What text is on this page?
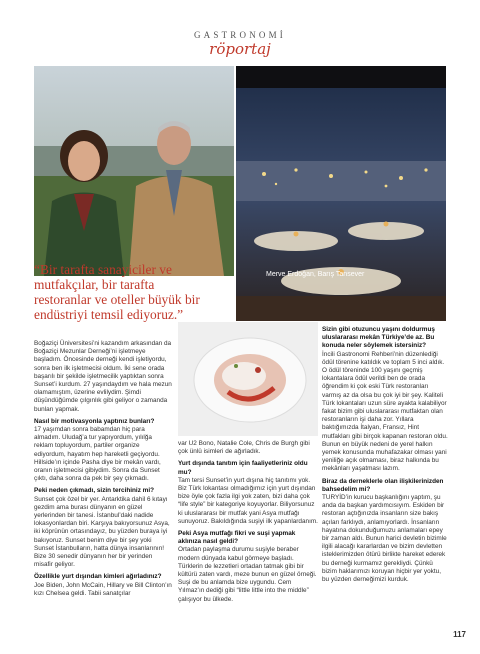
GASTRONOMİ
röportaj
Merve Erdoğan, Barış Tansever
“Bir tarafta sanayiciler ve mutfakçılar, bir tarafta restoranlar ve oteller büyük bir endüstriyi temsil ediyoruz.”

Boğaziçi Üniversitesi’ni kazandım arkasından da Boğaziçi Mezunlar Derneği’ni işletmeye başladım. Öncesinde derneği kendi işletiyordu, sonra ben ilk işletmecisi oldum. İki sene orada başarılı bir şekilde işletmecilik yaptıktan sonra Sunset’i kurdum. 27 yaşındaydım ve hala mezun olamamıştım, üzerine evlilydim. Şimdi düşündüğümde çılgınlık gibi geliyor o zamanda bunları yapmak.

Nasıl bir motivasyonla yaptınız bunları?

17 yaşımdan sonra babamdan hiç para almadım. Uludağ’a tur yapıyordum, yılılğa reklam topluyordum, partiler organize ediyordum, hayatım hep hareketli geçiyordu. Hillside’ın içinde Pasha diye bir mekân vardı, oranın işletmecisi gibiydim. Sonra da Sunset çıktı, daha sonra da pek bir şey çıkmadı.

Peki neden çıkmadı, sizin tercihiniz mi?

Sunset çok özel bir yer. Antarktika dahil 6 kıtayı gezdim ama burası dünyanın en güzel yerlerinden bir tanesi. İstanbul’daki nadide lokasyonlardan biri. Karşıya bakıyorsunuz Asya, iki köprünün ortasındayız, bu yüzden buraya iyi bakıyoruz. Sunset benim diye bir şey yoki Sunset İstanbulların, hatta dünya insanlarının! Bize 30 senedir dünyanın her bir yerinden misafir geliyor.

Özellikle yurt dışından kimleri ağırladınız?

Joe Biden, John McCain, Hillary ve Bill Clinton’ın kızı Chelsea geldi. Tabii sanatçılar

var U2 Bono, Natalie Cole, Chris de Burgh gibi çok ünlü isimleri de ağırladık.

Yurt dışında tanıtım için faaliyetleriniz oldu mu?

Tam tersi Sunset’in yurt dışına hiç tanıtımı yok. Biz Türk lokantası olmadığımız için yurt dışından bize öyle çok fazla ilgi yok zaten, bizi daha çok “life style” bir kategoriye koyuyorlar. Biliyorsunuz ki uluslararası bir mutfak yani Asya mutfağı sunuyoruz. Bakıldığında suşiyi ilk yapanlardanım.

Peki Asya mutfağı fikri ve suşi yapmak aklınıza nasıl geldi?

Ortadan paylaşma durumu suşiyle beraber modern dünyada kabul görmeye başladı. Türklerin de lezzetleri ortadan tatmak gibi bir kültürü zaten vardı, meze bunun en güzel örneği. Suşi de bu anlamda bize uygundu. Cem Yılmaz’ın dediği gibi “little little into the middle” çalışıyor bu ülkede.

Sizin gibi otuzuncu yaşını doldurmuş uluslararası mekân Türkiye’de az. Bu konuda neler söylemek istersiniz?

İncili Gastronomi Rehberi’nin düzenlediği ödül törenine katıldık ve toplam 5 inci aldık. O ödül töreninde 100 yaşını geçmiş lokantalara ödül verildi ben de orada öğrendim ki çok eski Türk restoranları varmış az da olsa bu çok iyi bir şey. Kaliteli Türk lokantaları uzun süre ayakta kalabiliyor fakat bizim gibi uluslararası mutfaktan olan restoranların işi daha zor. Yıllara baktığımızda İtalyan, Fransız, Hint mutfakları gibi birçok kapanan restoran oldu. Bunun en büyük nedeni de yerel halkın yemek konusunda muhafazakar olması yani yeniliğe açık olmaması, biraz halkında bu mekânları yaşatması lazım.

Biraz da derneklerle olan ilişkilerinizden bahsedelim mi?

TURYİD’in kurucu başkanlığını yaptım, şu anda da başkan yardımcısıyım. Eskiden bir restoran açtığınızda insanların size bakış açıları farklıydı, anlamıyorlardı. İnsanların hayatına dokunduğumuzu anlamaları epey bir zaman aldı. Bunun harici devletin bizimle ilgili alacağı kararlardan ve bizim devletten isteklerimizden ötürü birlikte hareket ederek bu derneği kurmamız gerekliydi. Çünkü bizim haklarımızı koruyan hiçbir yer yoktu, bu yüzden derneğimizi kurduk.

117
